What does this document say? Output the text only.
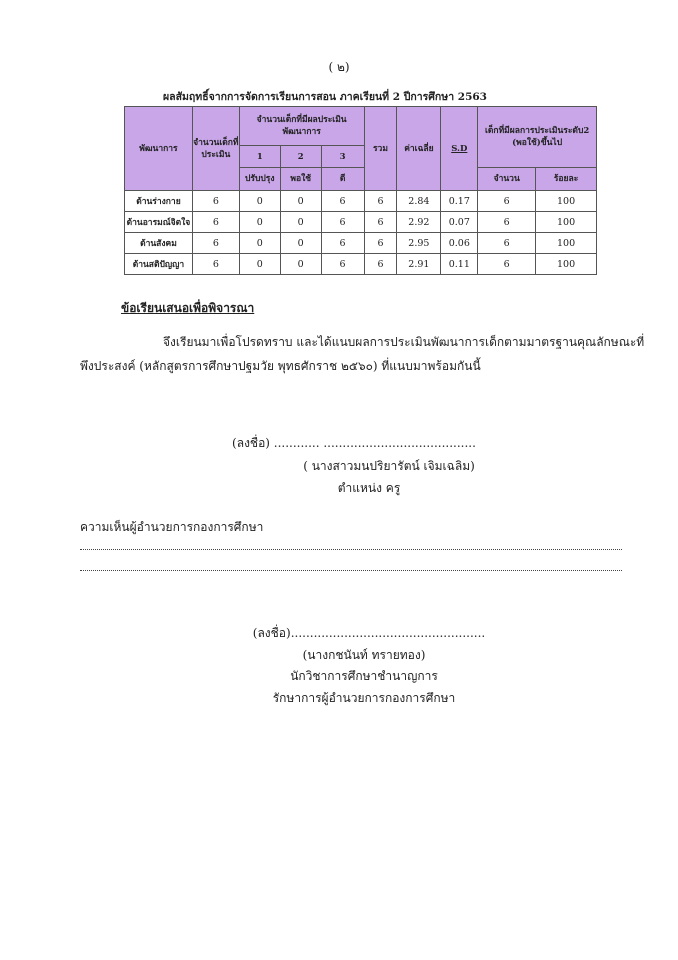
( ๒)
ผลสัมฤทธิ์จากการจัดการเรียนการสอน ภาคเรียนที่ 2 ปีการศึกษา 2563
พัฒนาการ	จำนวนเด็กที่ประเมิน	จำนวนเด็กที่มีผลประเมินพัฒนาการ			รวม	ค่าเฉลี่ย	S.D	เด็กที่มีผลการประเมินระดับ2 (พอใช้)ขึ้นไป	
		1	2	3					
		ปรับปรุง	พอใช้	ดี				จำนวน	ร้อยละ
ด้านร่างกาย	6	0	0	6	6	2.84	0.17	6	100
ด้านอารมณ์จิตใจ	6	0	0	6	6	2.92	0.07	6	100
ด้านสังคม	6	0	0	6	6	2.95	0.06	6	100
ด้านสติปัญญา	6	0	0	6	6	2.91	0.11	6	100
ข้อเรียนเสนอเพื่อพิจารณา
จึงเรียนมาเพื่อโปรดทราบ และได้แนบผลการประเมินพัฒนาการเด็กตามมาตรฐานคุณลักษณะที่
พึงประสงค์ (หลักสูตรการศึกษาปฐมวัย พุทธศักราช ๒๕๖๐) ที่แนบมาพร้อมกันนี้
(ลงชื่อ) ............ ........................................
( นางสาวมนปริยารัตน์ เจิมเฉลิม)
ตำแหน่ง ครู
ความเห็นผู้อำนวยการกองการศึกษา
(ลงชื่อ)...................................................
(นางกชนันท์ ทรายทอง)
นักวิชาการศึกษาชำนาญการ
รักษาการผู้อำนวยการกองการศึกษา
